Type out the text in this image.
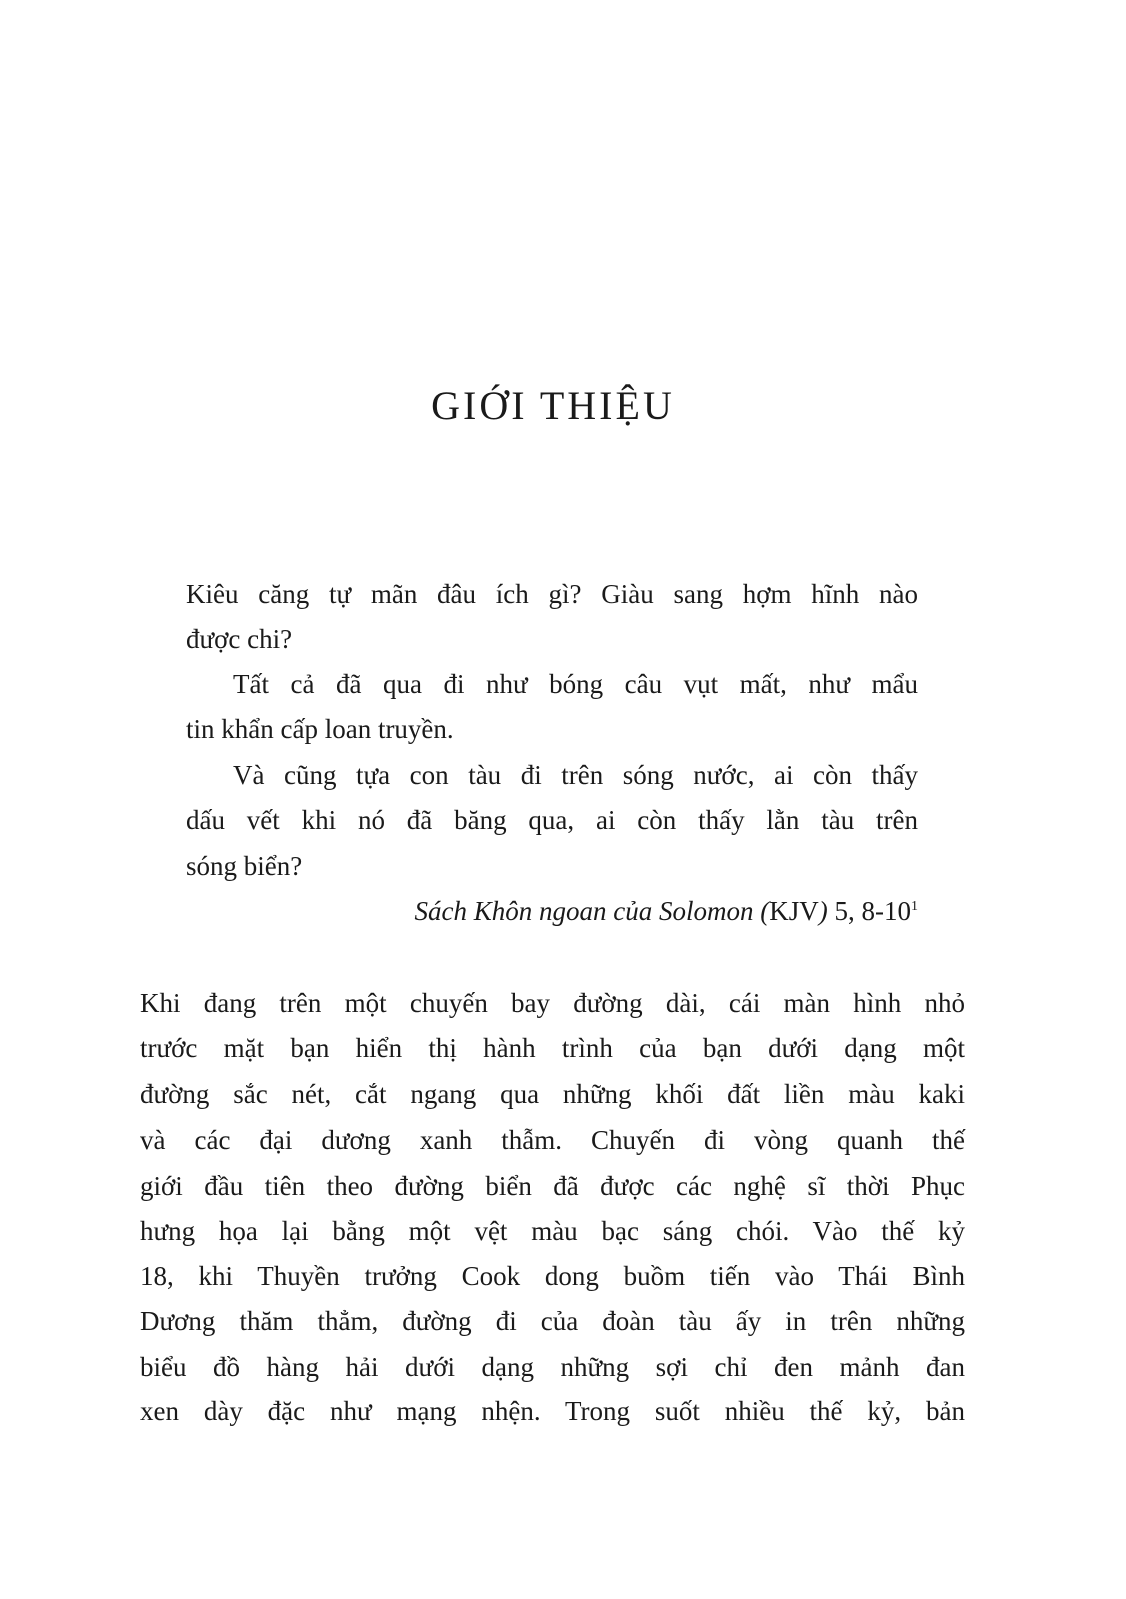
GIỚI THIỆU
Kiêu căng tự mãn đâu ích gì? Giàu sang hợm hĩnh nào
được chi?
Tất cả đã qua đi như bóng câu vụt mất, như mẩu
tin khẩn cấp loan truyền.
Và cũng tựa con tàu đi trên sóng nước, ai còn thấy
dấu vết khi nó đã băng qua, ai còn thấy lằn tàu trên
sóng biển?
Sách Khôn ngoan của Solomon (KJV) 5, $8-10^1$
Khi đang trên một chuyến bay đường dài, cái màn hình nhỏ
trước mặt bạn hiển thị hành trình của bạn dưới dạng một
đường sắc nét, cắt ngang qua những khối đất liền màu kaki
và các đại dương xanh thẫm. Chuyến đi vòng quanh thế
giới đầu tiên theo đường biển đã được các nghệ sĩ thời Phục
hưng họa lại bằng một vệt màu bạc sáng chói. Vào thế kỷ
18, khi Thuyền trưởng Cook dong buồm tiến vào Thái Bình
Dương thăm thẳm, đường đi của đoàn tàu ấy in trên những
biểu đồ hàng hải dưới dạng những sợi chỉ đen mảnh đan
xen dày đặc như mạng nhện. Trong suốt nhiều thế kỷ, bản
